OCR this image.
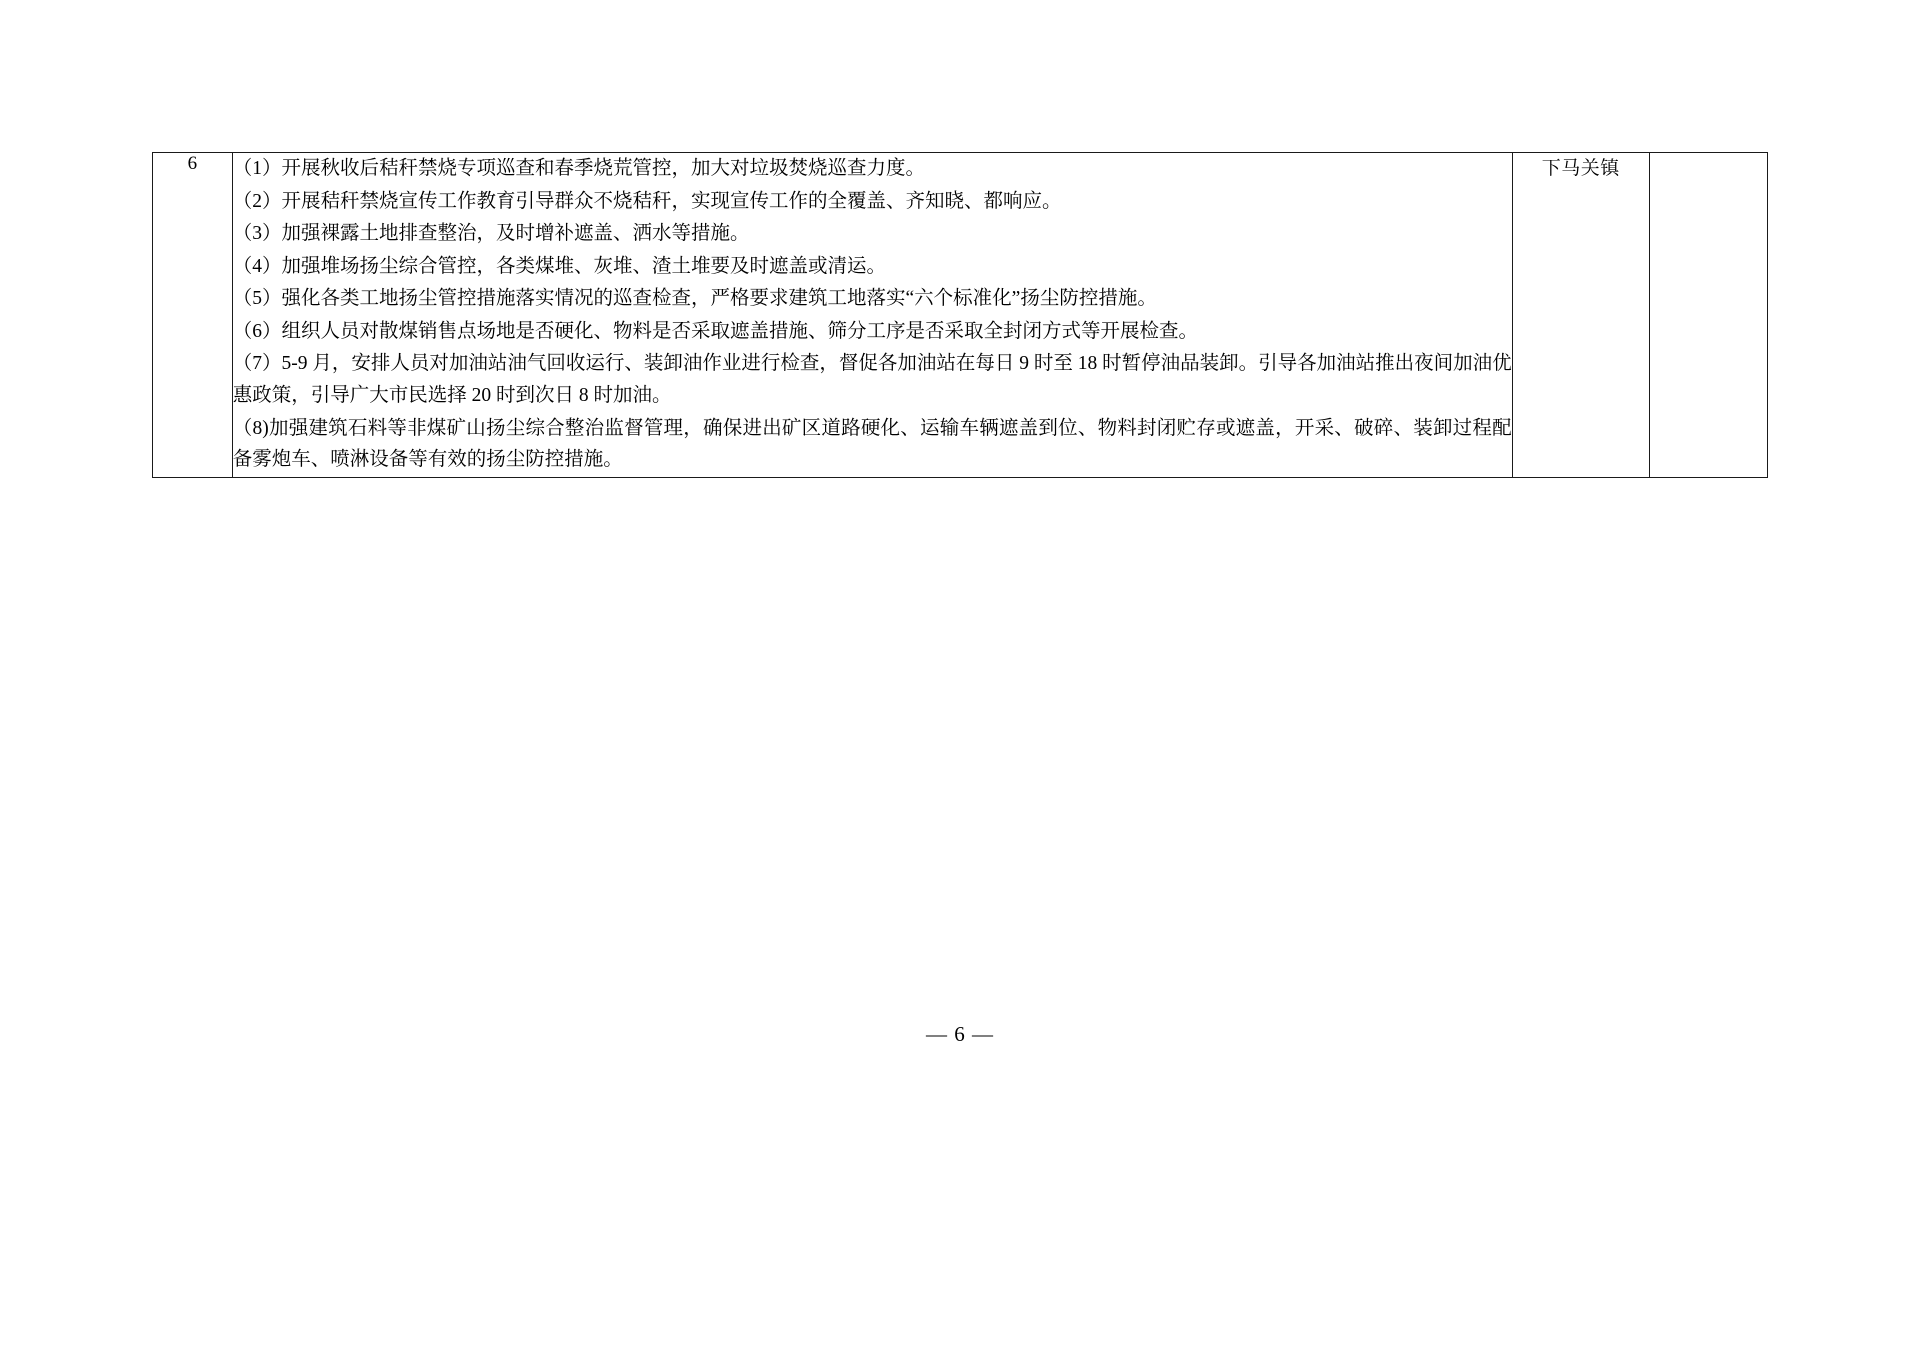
6	（1）开展秋收后秸秆禁烧专项巡查和春季烧荒管控，加大对垃圾焚烧巡查力度。

（2）开展秸秆禁烧宣传工作教育引导群众不烧秸秆，实现宣传工作的全覆盖、齐知晓、都响应。

（3）加强裸露土地排查整治，及时增补遮盖、洒水等措施。

（4）加强堆场扬尘综合管控，各类煤堆、灰堆、渣土堆要及时遮盖或清运。

（5）强化各类工地扬尘管控措施落实情况的巡查检查，严格要求建筑工地落实“六个标准化”扬尘防控措施。

（6）组织人员对散煤销售点场地是否硬化、物料是否采取遮盖措施、筛分工序是否采取全封闭方式等开展检查。

（7）5-9 月，安排人员对加油站油气回收运行、装卸油作业进行检查，督促各加油站在每日 9 时至 18 时暂停油品装卸。引导各加油站推出夜间加油优惠政策，引导广大市民选择 20 时到次日 8 时加油。

（8)加强建筑石料等非煤矿山扬尘综合整治监督管理，确保进出矿区道路硬化、运输车辆遮盖到位、物料封闭贮存或遮盖，开采、破碎、装卸过程配备雾炮车、喷淋设备等有效的扬尘防控措施。

	下马关镇	
— 6 —
